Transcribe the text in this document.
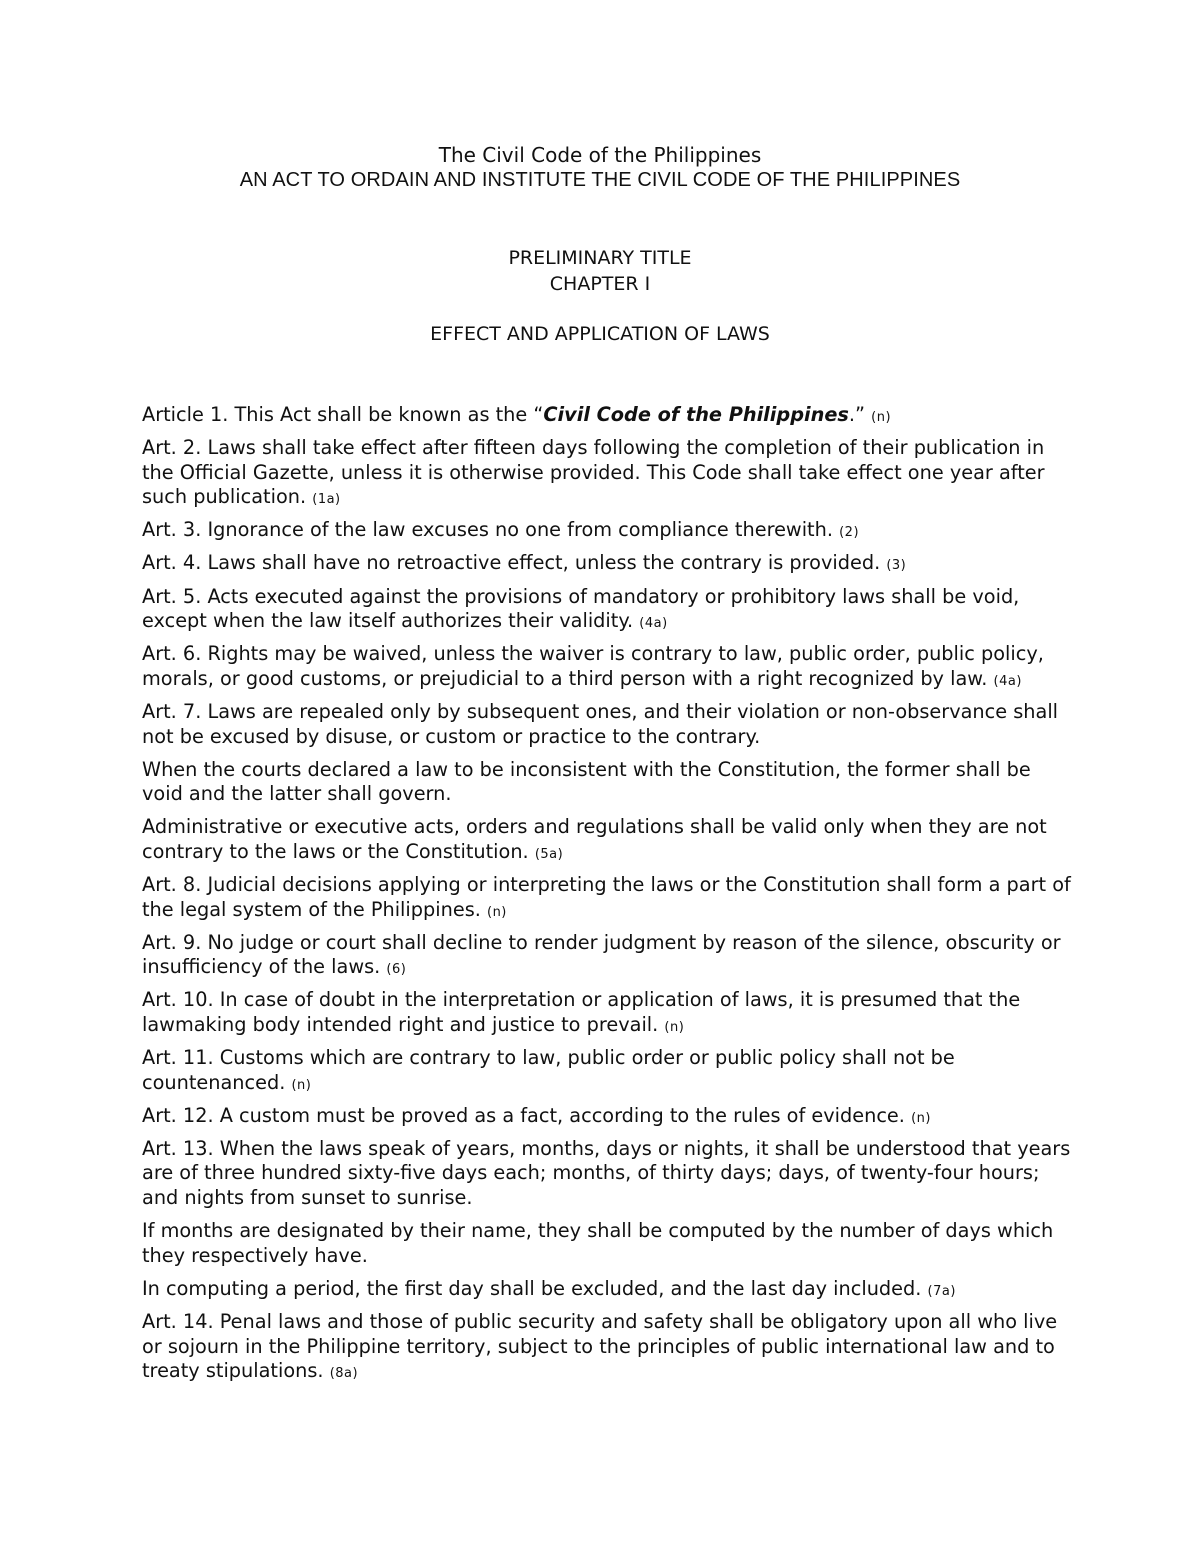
The Civil Code of the Philippines
AN ACT TO ORDAIN AND INSTITUTE THE CIVIL CODE OF THE PHILIPPINES
PRELIMINARY TITLE
CHAPTER I
EFFECT AND APPLICATION OF LAWS

Article 1. This Act shall be known as the “Civil Code of the Philippines.” (n)

Art. 2. Laws shall take effect after fifteen days following the completion of their publication in the Official Gazette, unless it is otherwise provided. This Code shall take effect one year after such publication. (1a)

Art. 3. Ignorance of the law excuses no one from compliance therewith. (2)

Art. 4. Laws shall have no retroactive effect, unless the contrary is provided. (3)

Art. 5. Acts executed against the provisions of mandatory or prohibitory laws shall be void, except when the law itself authorizes their validity. (4a)

Art. 6. Rights may be waived, unless the waiver is contrary to law, public order, public policy, morals, or good customs, or prejudicial to a third person with a right recognized by law. (4a)

Art. 7. Laws are repealed only by subsequent ones, and their violation or non-observance shall not be excused by disuse, or custom or practice to the contrary.

When the courts declared a law to be inconsistent with the Constitution, the former shall be void and the latter shall govern.

Administrative or executive acts, orders and regulations shall be valid only when they are not contrary to the laws or the Constitution. (5a)

Art. 8. Judicial decisions applying or interpreting the laws or the Constitution shall form a part of the legal system of the Philippines. (n)

Art. 9. No judge or court shall decline to render judgment by reason of the silence, obscurity or insufficiency of the laws. (6)

Art. 10. In case of doubt in the interpretation or application of laws, it is presumed that the lawmaking body intended right and justice to prevail. (n)

Art. 11. Customs which are contrary to law, public order or public policy shall not be countenanced. (n)

Art. 12. A custom must be proved as a fact, according to the rules of evidence. (n)

Art. 13. When the laws speak of years, months, days or nights, it shall be understood that years are of three hundred sixty-five days each; months, of thirty days; days, of twenty-four hours; and nights from sunset to sunrise.

If months are designated by their name, they shall be computed by the number of days which they respectively have.

In computing a period, the first day shall be excluded, and the last day included. (7a)

Art. 14. Penal laws and those of public security and safety shall be obligatory upon all who live or sojourn in the Philippine territory, subject to the principles of public international law and to treaty stipulations. (8a)
